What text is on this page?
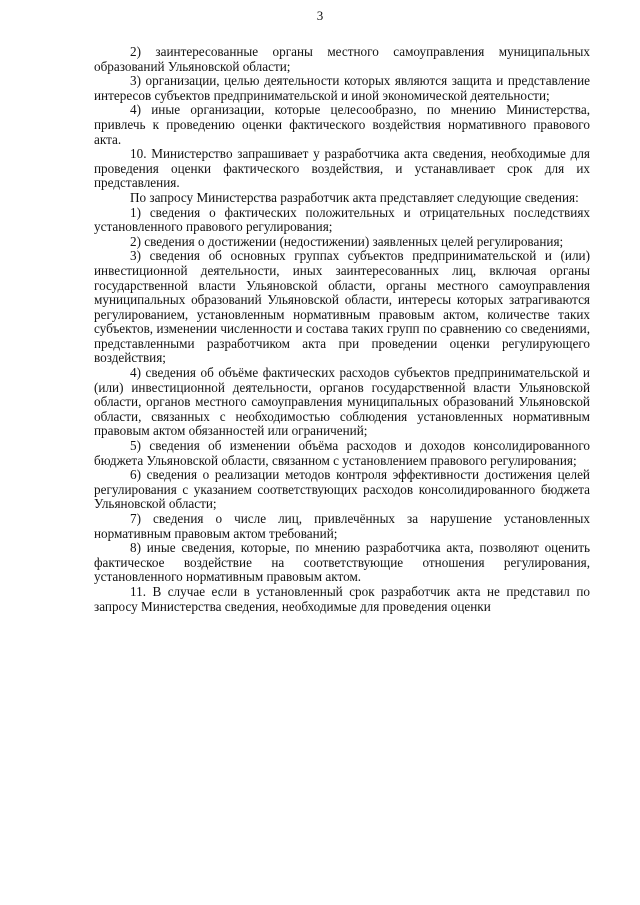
3

2) заинтересованные органы местного самоуправления муниципальных образований Ульяновской области;

3) организации, целью деятельности которых являются защита и представление интересов субъектов предпринимательской и иной экономической деятельности;

4) иные организации, которые целесообразно, по мнению Министерства, привлечь к проведению оценки фактического воздействия нормативного правового акта.

10. Министерство запрашивает у разработчика акта сведения, необходимые для проведения оценки фактического воздействия, и устанавливает срок для их представления.

По запросу Министерства разработчик акта представляет следующие сведения:

1) сведения о фактических положительных и отрицательных последствиях установленного правового регулирования;

2) сведения о достижении (недостижении) заявленных целей регулирования;

3) сведения об основных группах субъектов предпринимательской и (или) инвестиционной деятельности, иных заинтересованных лиц, включая органы государственной власти Ульяновской области, органы местного самоуправления муниципальных образований Ульяновской области, интересы которых затрагиваются регулированием, установленным нормативным правовым актом, количестве таких субъектов, изменении численности и состава таких групп по сравнению со сведениями, представленными разработчиком акта при проведении оценки регулирующего воздействия;

4) сведения об объёме фактических расходов субъектов предпринимательской и (или) инвестиционной деятельности, органов государственной власти Ульяновской области, органов местного самоуправления муниципальных образований Ульяновской области, связанных с необходимостью соблюдения установленных нормативным правовым актом обязанностей или ограничений;

5) сведения об изменении объёма расходов и доходов консолидированного бюджета Ульяновской области, связанном с установлением правового регулирования;

6) сведения о реализации методов контроля эффективности достижения целей регулирования с указанием соответствующих расходов консолидированного бюджета Ульяновской области;

7) сведения о числе лиц, привлечённых за нарушение установленных нормативным правовым актом требований;

8) иные сведения, которые, по мнению разработчика акта, позволяют оценить фактическое воздействие на соответствующие отношения регулирования, установленного нормативным правовым актом.

11. В случае если в установленный срок разработчик акта не представил по запросу Министерства сведения, необходимые для проведения оценки
